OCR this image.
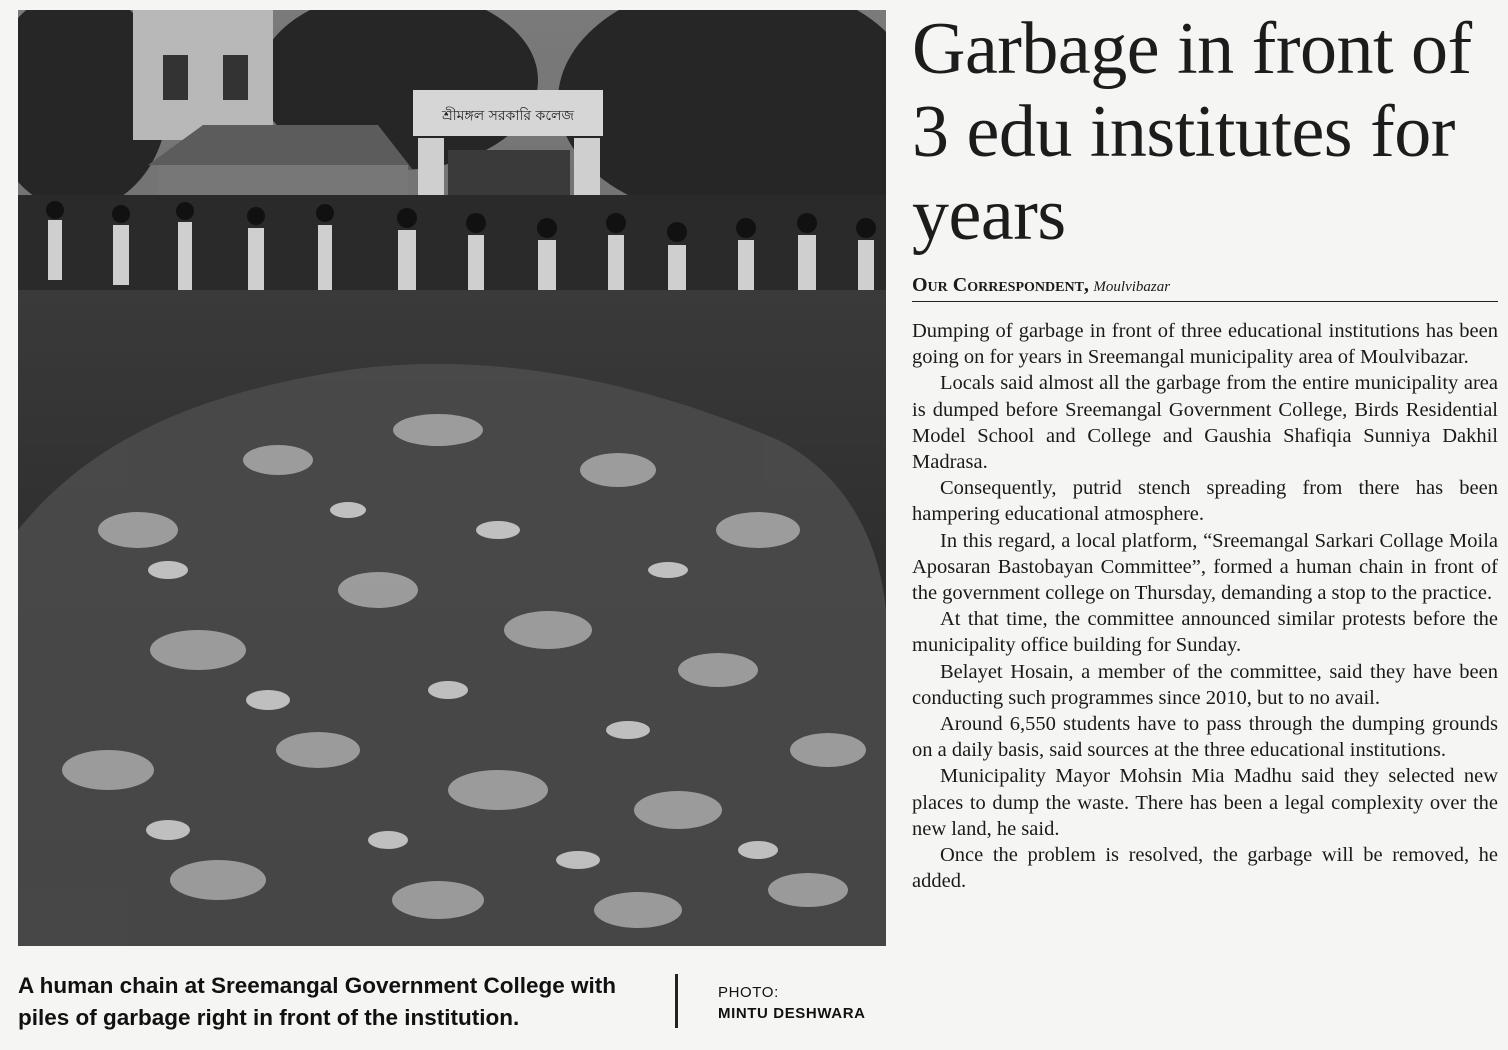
শ্রীমঙ্গল সরকারি কলেজ
A human chain at Sreemangal Government College with piles of garbage right in front of the institution.
PHOTO:
MINTU DESHWARA
Garbage in front of 3 edu institutes for years
Our Correspondent, Moulvibazar

Dumping of garbage in front of three educational institutions has been going on for years in Sreemangal municipality area of Moulvibazar.

Locals said almost all the garbage from the entire municipality area is dumped before Sreemangal Government College, Birds Residential Model School and College and Gaushia Shafiqia Sunniya Dakhil Madrasa.

Consequently, putrid stench spreading from there has been hampering educational atmosphere.

In this regard, a local platform, “Sreemangal Sarkari Collage Moila Aposaran Bastobayan Committee”, formed a human chain in front of the government college on Thursday, demanding a stop to the practice.

At that time, the committee announced similar protests before the municipality office building for Sunday.

Belayet Hosain, a member of the committee, said they have been conducting such programmes since 2010, but to no avail.

Around 6,550 students have to pass through the dumping grounds on a daily basis, said sources at the three educational institutions.

Municipality Mayor Mohsin Mia Madhu said they selected new places to dump the waste. There has been a legal complexity over the new land, he said.

Once the problem is resolved, the garbage will be removed, he added.
